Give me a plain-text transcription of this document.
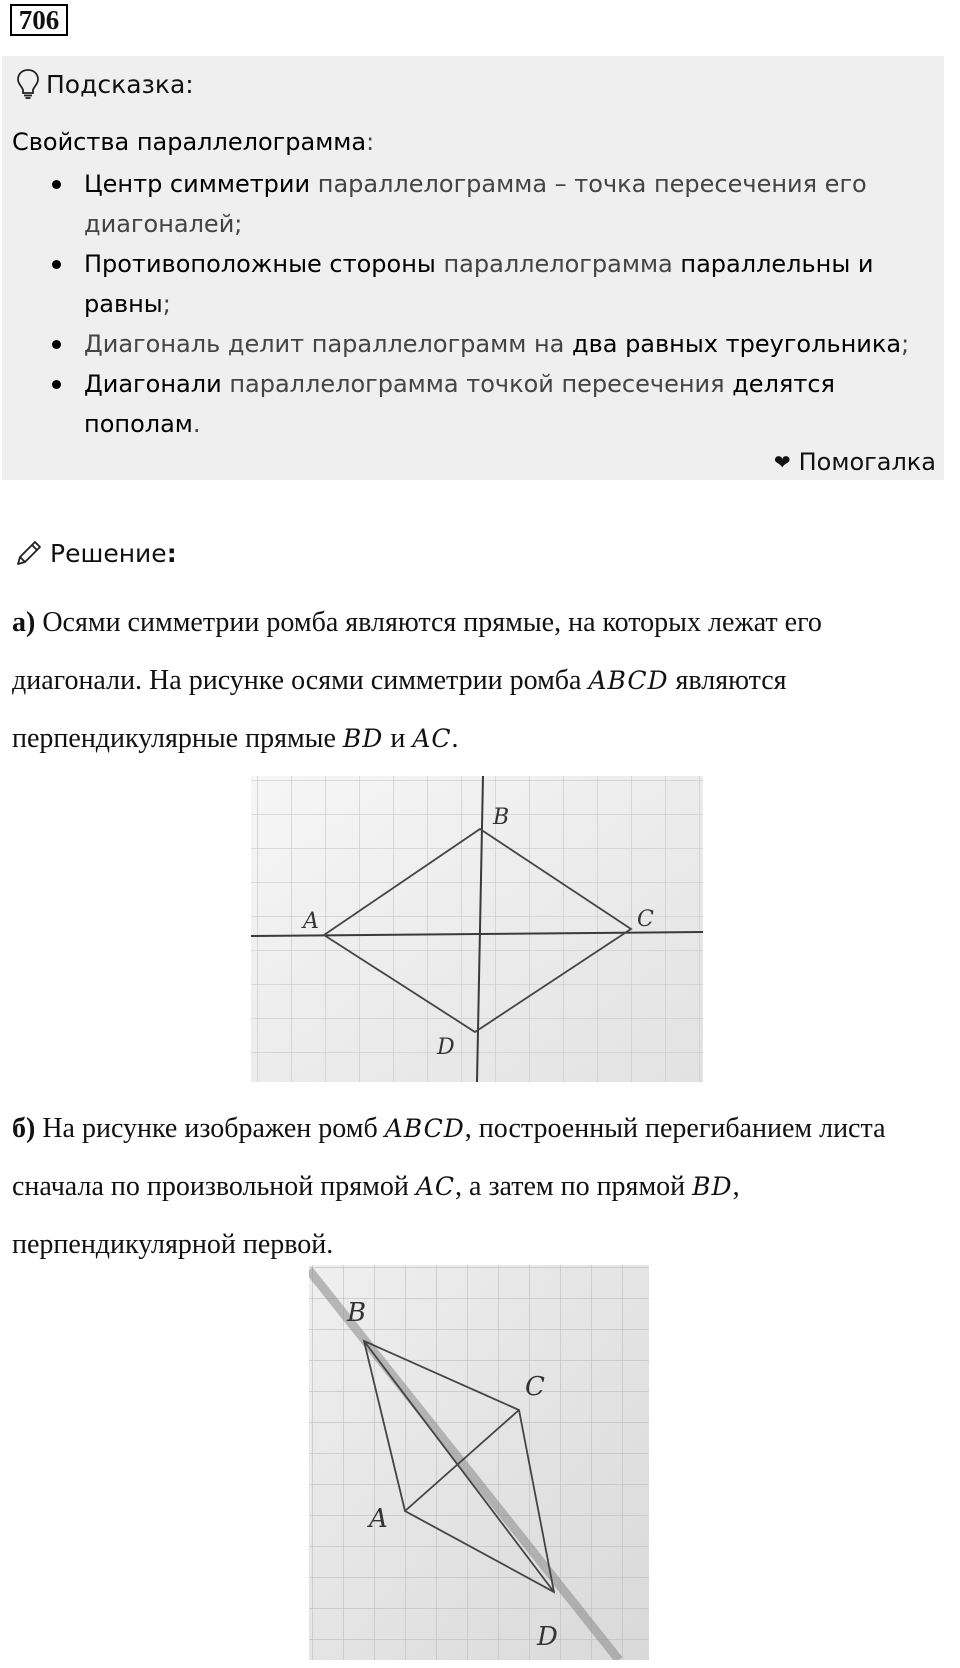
706
Подсказка:
Свойства параллелограмма:
Центр симметрии параллелограмма – точка пересечения его диагоналей;
Противоположные стороны параллелограмма параллельны и равны;
Диагональ делит параллелограмм на два равных треугольника;
Диагонали параллелограмма точкой пересечения делятся пополам.
❤ Помогалка
Решение:
а) Осями симметрии ромба являются прямые, на которых лежат его диагонали. На рисунке осями симметрии ромба ABCD являются перпендикулярные прямые BD и AC.
B
A	C
D
б) На рисунке изображен ромб ABCD, построенный перегибанием листа сначала по произвольной прямой AC, а затем по прямой BD, перпендикулярной первой.
B
C
A
D
